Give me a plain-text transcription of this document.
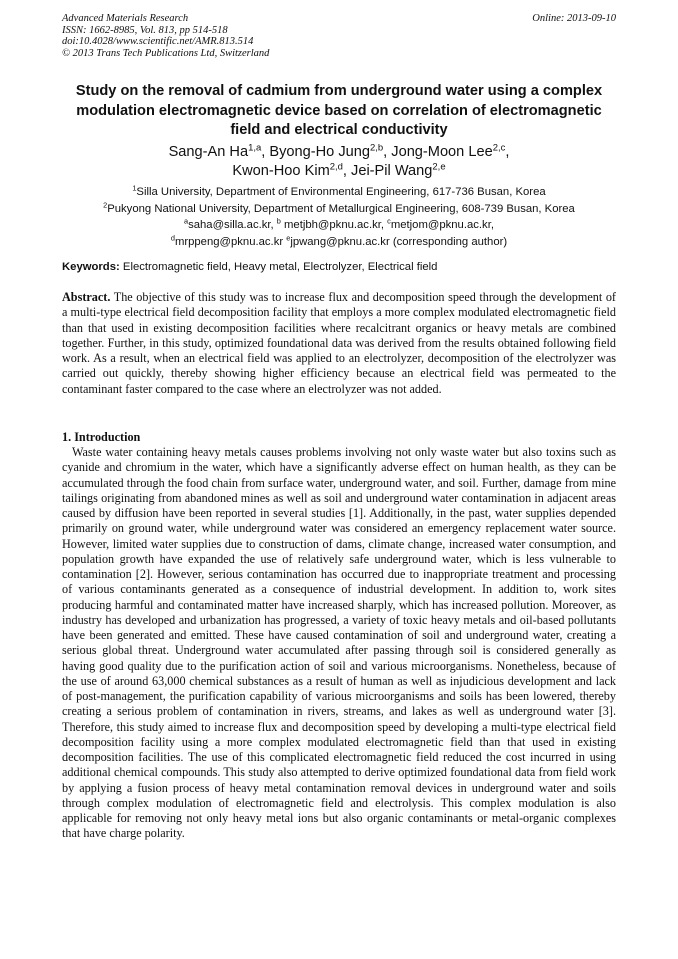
Advanced Materials Research
ISSN: 1662-8985, Vol. 813, pp 514-518
doi:10.4028/www.scientific.net/AMR.813.514
© 2013 Trans Tech Publications Ltd, Switzerland
Online: 2013-09-10
Study on the removal of cadmium from underground water using a complex modulation electromagnetic device based on correlation of electromagnetic field and electrical conductivity
Sang-An Ha$^{1,a}$, Byong-Ho Jung$^{2,b}$, Jong-Moon Lee$^{2,c}$,
Kwon-Hoo Kim$^{2,d}$, Jei-Pil Wang$^{2,e}$
$^1$Silla University, Department of Environmental Engineering, 617-736 Busan, Korea
$^2$Pukyong National University, Department of Metallurgical Engineering, 608-739 Busan, Korea
$^a$saha@silla.ac.kr, $^b$ metjbh@pknu.ac.kr, $^c$metjom@pknu.ac.kr,
$^d$mrppeng@pknu.ac.kr $^e$jpwang@pknu.ac.kr (corresponding author)
Keywords: Electromagnetic field, Heavy metal, Electrolyzer, Electrical field
Abstract. The objective of this study was to increase flux and decomposition speed through the development of a multi-type electrical field decomposition facility that employs a more complex modulated electromagnetic field than that used in existing decomposition facilities where recalcitrant organics or heavy metals are combined together. Further, in this study, optimized foundational data was derived from the results obtained following field work. As a result, when an electrical field was applied to an electrolyzer, decomposition of the electrolyzer was carried out quickly, thereby showing higher efficiency because an electrical field was permeated to the contaminant faster compared to the case where an electrolyzer was not added.
1. Introduction
Waste water containing heavy metals causes problems involving not only waste water but also toxins such as cyanide and chromium in the water, which have a significantly adverse effect on human health, as they can be accumulated through the food chain from surface water, underground water, and soil. Further, damage from mine tailings originating from abandoned mines as well as soil and underground water contamination in adjacent areas caused by diffusion have been reported in several studies [1]. Additionally, in the past, water supplies depended primarily on ground water, while underground water was considered an emergency replacement water source. However, limited water supplies due to construction of dams, climate change, increased water consumption, and population growth have expanded the use of relatively safe underground water, which is less vulnerable to contamination [2]. However, serious contamination has occurred due to inappropriate treatment and processing of various contaminants generated as a consequence of industrial development. In addition to, work sites producing harmful and contaminated matter have increased sharply, which has increased pollution. Moreover, as industry has developed and urbanization has progressed, a variety of toxic heavy metals and oil-based pollutants have been generated and emitted. These have caused contamination of soil and underground water, creating a serious global threat. Underground water accumulated after passing through soil is considered generally as having good quality due to the purification action of soil and various microorganisms. Nonetheless, because of the use of around 63,000 chemical substances as a result of human as well as injudicious development and lack of post-management, the purification capability of various microorganisms and soils has been lowered, thereby creating a serious problem of contamination in rivers, streams, and lakes as well as underground water [3]. Therefore, this study aimed to increase flux and decomposition speed by developing a multi-type electrical field decomposition facility using a more complex modulated electromagnetic field than that used in existing decomposition facilities. The use of this complicated electromagnetic field reduced the cost incurred in using additional chemical compounds. This study also attempted to derive optimized foundational data from field work by applying a fusion process of heavy metal contamination removal devices in underground water and soils through complex modulation of electromagnetic field and electrolysis. This complex modulation is also applicable for removing not only heavy metal ions but also organic contaminants or metal-organic complexes that have charge polarity.
